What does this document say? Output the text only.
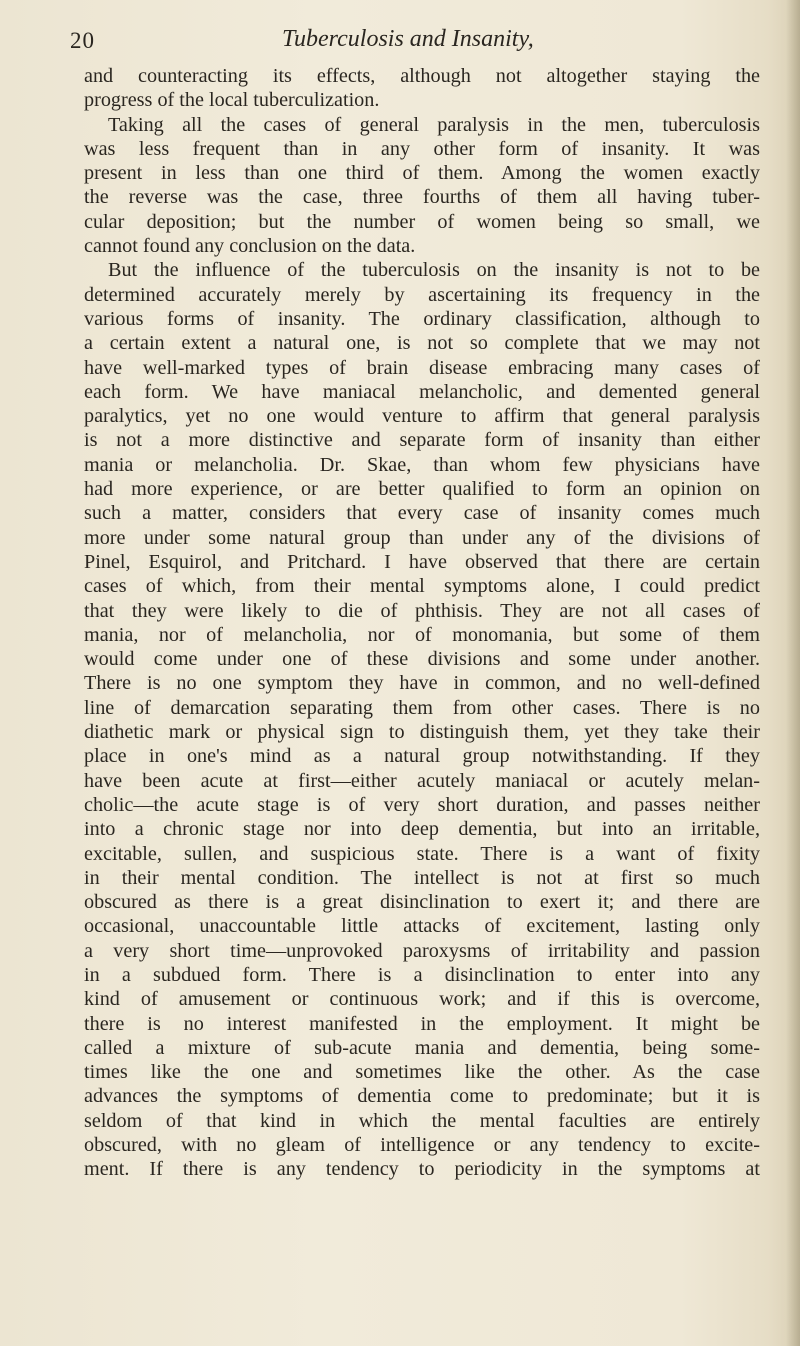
20	Tuberculosis and Insanity,
and counteracting its effects, although not altogether staying the
progress of the local tuberculization.
Taking all the cases of general paralysis in the men, tuberculosis
was less frequent than in any other form of insanity. It was
present in less than one third of them. Among the women exactly
the reverse was the case, three fourths of them all having tuber-
cular deposition; but the number of women being so small, we
cannot found any conclusion on the data.
But the influence of the tuberculosis on the insanity is not to be
determined accurately merely by ascertaining its frequency in the
various forms of insanity. The ordinary classification, although to
a certain extent a natural one, is not so complete that we may not
have well-marked types of brain disease embracing many cases of
each form. We have maniacal melancholic, and demented general
paralytics, yet no one would venture to affirm that general paralysis
is not a more distinctive and separate form of insanity than either
mania or melancholia. Dr. Skae, than whom few physicians have
had more experience, or are better qualified to form an opinion on
such a matter, considers that every case of insanity comes much
more under some natural group than under any of the divisions of
Pinel, Esquirol, and Pritchard. I have observed that there are certain
cases of which, from their mental symptoms alone, I could predict
that they were likely to die of phthisis. They are not all cases of
mania, nor of melancholia, nor of monomania, but some of them
would come under one of these divisions and some under another.
There is no one symptom they have in common, and no well-defined
line of demarcation separating them from other cases. There is no
diathetic mark or physical sign to distinguish them, yet they take their
place in one's mind as a natural group notwithstanding. If they
have been acute at first—either acutely maniacal or acutely melan-
cholic—the acute stage is of very short duration, and passes neither
into a chronic stage nor into deep dementia, but into an irritable,
excitable, sullen, and suspicious state. There is a want of fixity
in their mental condition. The intellect is not at first so much
obscured as there is a great disinclination to exert it; and there are
occasional, unaccountable little attacks of excitement, lasting only
a very short time—unprovoked paroxysms of irritability and passion
in a subdued form. There is a disinclination to enter into any
kind of amusement or continuous work; and if this is overcome,
there is no interest manifested in the employment. It might be
called a mixture of sub-acute mania and dementia, being some-
times like the one and sometimes like the other. As the case
advances the symptoms of dementia come to predominate; but it is
seldom of that kind in which the mental faculties are entirely
obscured, with no gleam of intelligence or any tendency to excite-
ment. If there is any tendency to periodicity in the symptoms at
